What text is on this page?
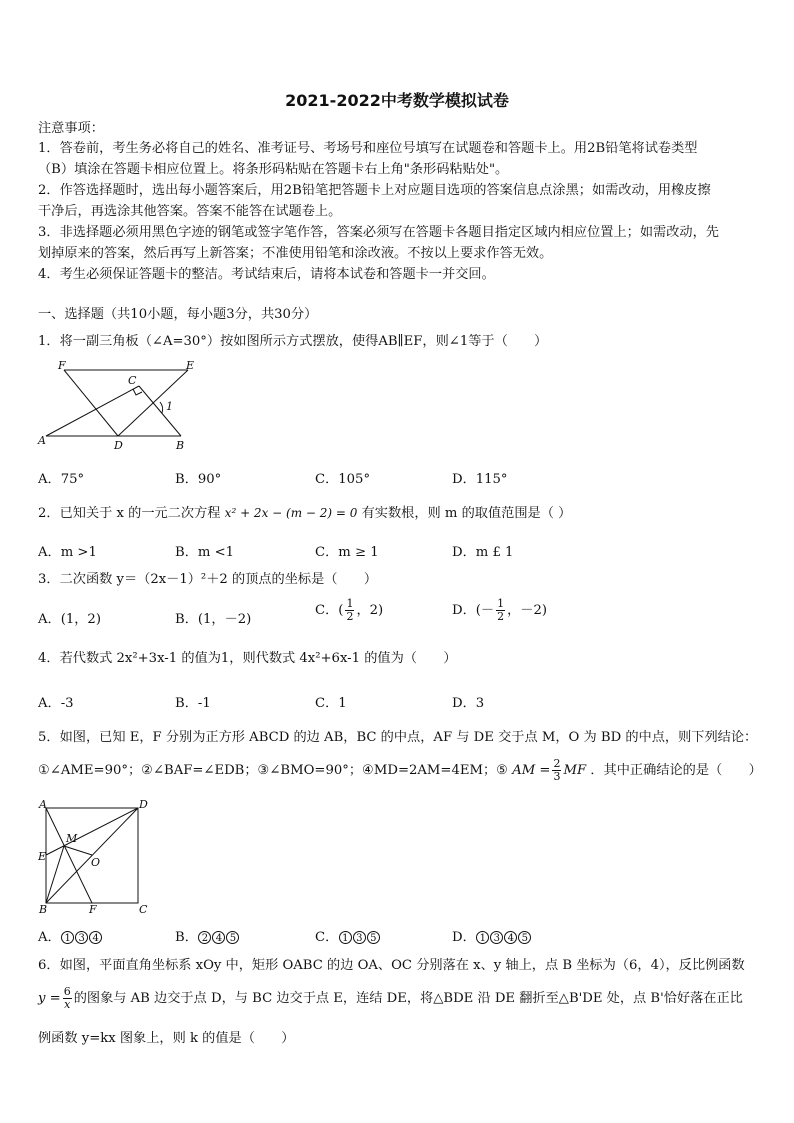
2021-2022中考数学模拟试卷
注意事项：
1．答卷前，考生务必将自己的姓名、准考证号、考场号和座位号填写在试题卷和答题卡上。用2B铅笔将试卷类型
（B）填涂在答题卡相应位置上。将条形码粘贴在答题卡右上角"条形码粘贴处"。
2．作答选择题时，选出每小题答案后，用2B铅笔把答题卡上对应题目选项的答案信息点涂黑；如需改动，用橡皮擦
干净后，再选涂其他答案。答案不能答在试题卷上。
3．非选择题必须用黑色字迹的钢笔或签字笔作答，答案必须写在答题卡各题目指定区域内相应位置上；如需改动，先
划掉原来的答案，然后再写上新答案；不准使用铅笔和涂改液。不按以上要求作答无效。
4．考生必须保证答题卡的整洁。考试结束后，请将本试卷和答题卡一并交回。
一、选择题（共10小题，每小题3分，共30分）
1．将一副三角板（∠A=30°）按如图所示方式摆放，使得AB∥EF，则∠1等于（　　）
F	E
C
1
A	D	B
A．75°	B．90°	C．105°	D．115°
2．已知关于 x 的一元二次方程 x² + 2x − (m − 2) = 0 有实数根，则 m 的取值范围是（ ）
A．m >1	B．m <1	C．m ≥ 1	D．m £ 1
3．二次函数 y＝（2x－1）²＋2 的顶点的坐标是（　　）
A．(1，2)	B．(1，－2)
C．( $\frac{1}{2}$ ，2)	D．(－ $\frac{1}{2}$ ，－2)
4．若代数式 2x²+3x-1 的值为1，则代数式 4x²+6x-1 的值为（　　）
A．-3	B．-1	C．1	D．3
5．如图，已知 E，F 分别为正方形 ABCD 的边 AB，BC 的中点，AF 与 DE 交于点 M，O 为 BD 的中点，则下列结论：
①∠AME=90°；②∠BAF=∠EDB；③∠BMO=90°；④MD=2AM=4EM；⑤ AM = $\frac{2}{3}$ MF ．其中正确结论的是（　　）
A	D
M
E	O
B	F	C
A． 1 3 4	B． 2 4 5	C． 1 3 5	D． 1 3 4 5
6．如图，平面直角坐标系 xOy 中，矩形 OABC 的边 OA、OC 分别落在 x、y 轴上，点 B 坐标为（6，4），反比例函数
$y = \frac{6}{x}$ 的图象与 AB 边交于点 D，与 BC 边交于点 E，连结 DE，将△BDE 沿 DE 翻折至△B'DE 处，点 B'恰好落在正比
例函数 y=kx 图象上，则 k 的值是（　　）
